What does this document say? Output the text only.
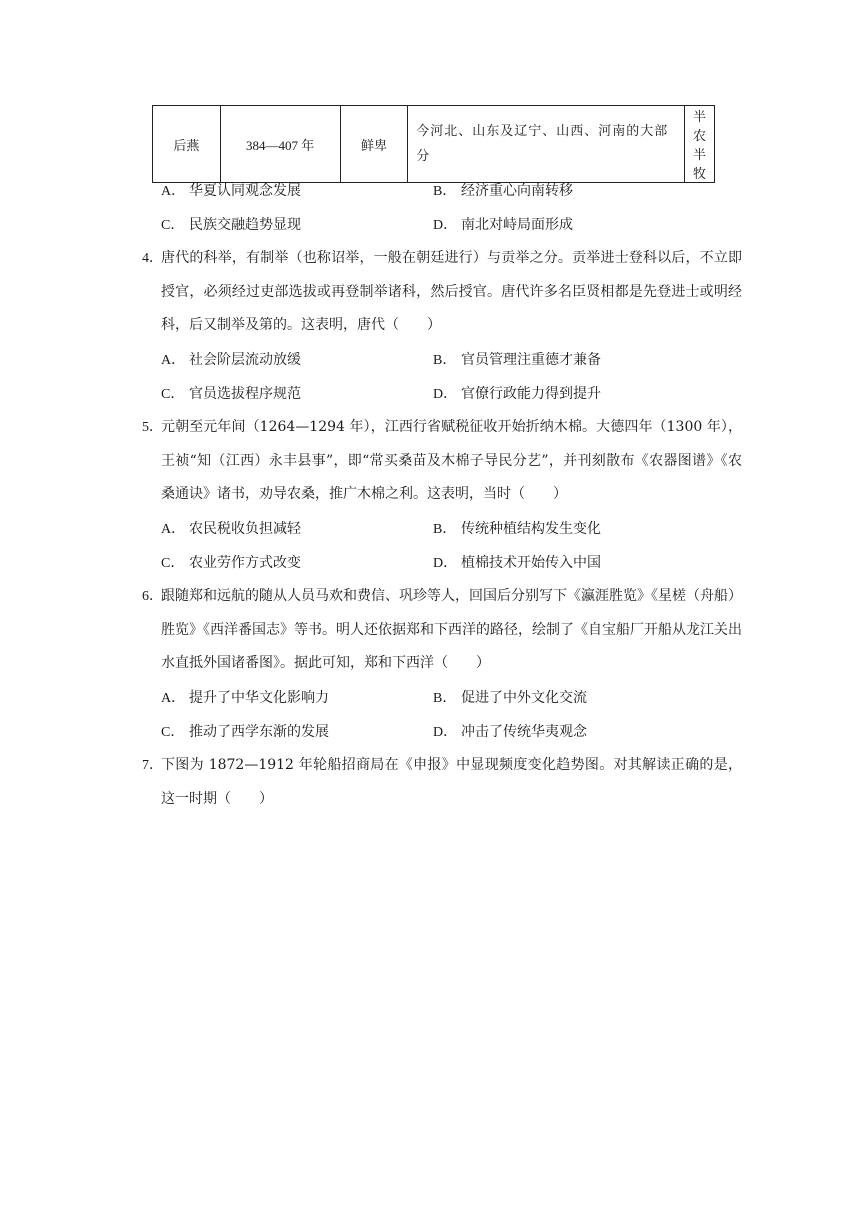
后燕	384—407 年	鲜卑	今河北、山东及辽宁、山西、河南的大部分	半农半牧
A． 华夏认同观念发展	B． 经济重心向南转移
C． 民族交融趋势显现	D． 南北对峙局面形成
4．
唐代的科举，有制举（也称诏举，一般在朝廷进行）与贡举之分。贡举进士登科以后，不立即授官，必须经过吏部选拔或再登制举诸科，然后授官。唐代许多名臣贤相都是先登进士或明经科，后又制举及第的。这表明，唐代（　　）
A． 社会阶层流动放缓	B． 官员管理注重德才兼备
C． 官员选拔程序规范	D． 官僚行政能力得到提升
5．
元朝至元年间（1264—1294 年），江西行省赋税征收开始折纳木棉。大德四年（1300 年），王祯“知（江西）永丰县事”，即“常买桑苗及木棉子导民分艺”，并刊刻散布《农器图谱》《农桑通诀》诸书，劝导农桑，推广木棉之利。这表明，当时（　　）
A． 农民税收负担减轻	B． 传统种植结构发生变化
C． 农业劳作方式改变	D． 植棉技术开始传入中国
6．
跟随郑和远航的随从人员马欢和费信、巩珍等人，回国后分别写下《瀛涯胜览》《星槎（舟船）胜览》《西洋番国志》等书。明人还依据郑和下西洋的路径，绘制了《自宝船厂开船从龙江关出水直抵外国诸番图》。据此可知，郑和下西洋（　　）
A． 提升了中华文化影响力	B． 促进了中外文化交流
C． 推动了西学东渐的发展	D． 冲击了传统华夷观念
7．
下图为 1872—1912 年轮船招商局在《申报》中显现频度变化趋势图。对其解读正确的是，这一时期（　　）
